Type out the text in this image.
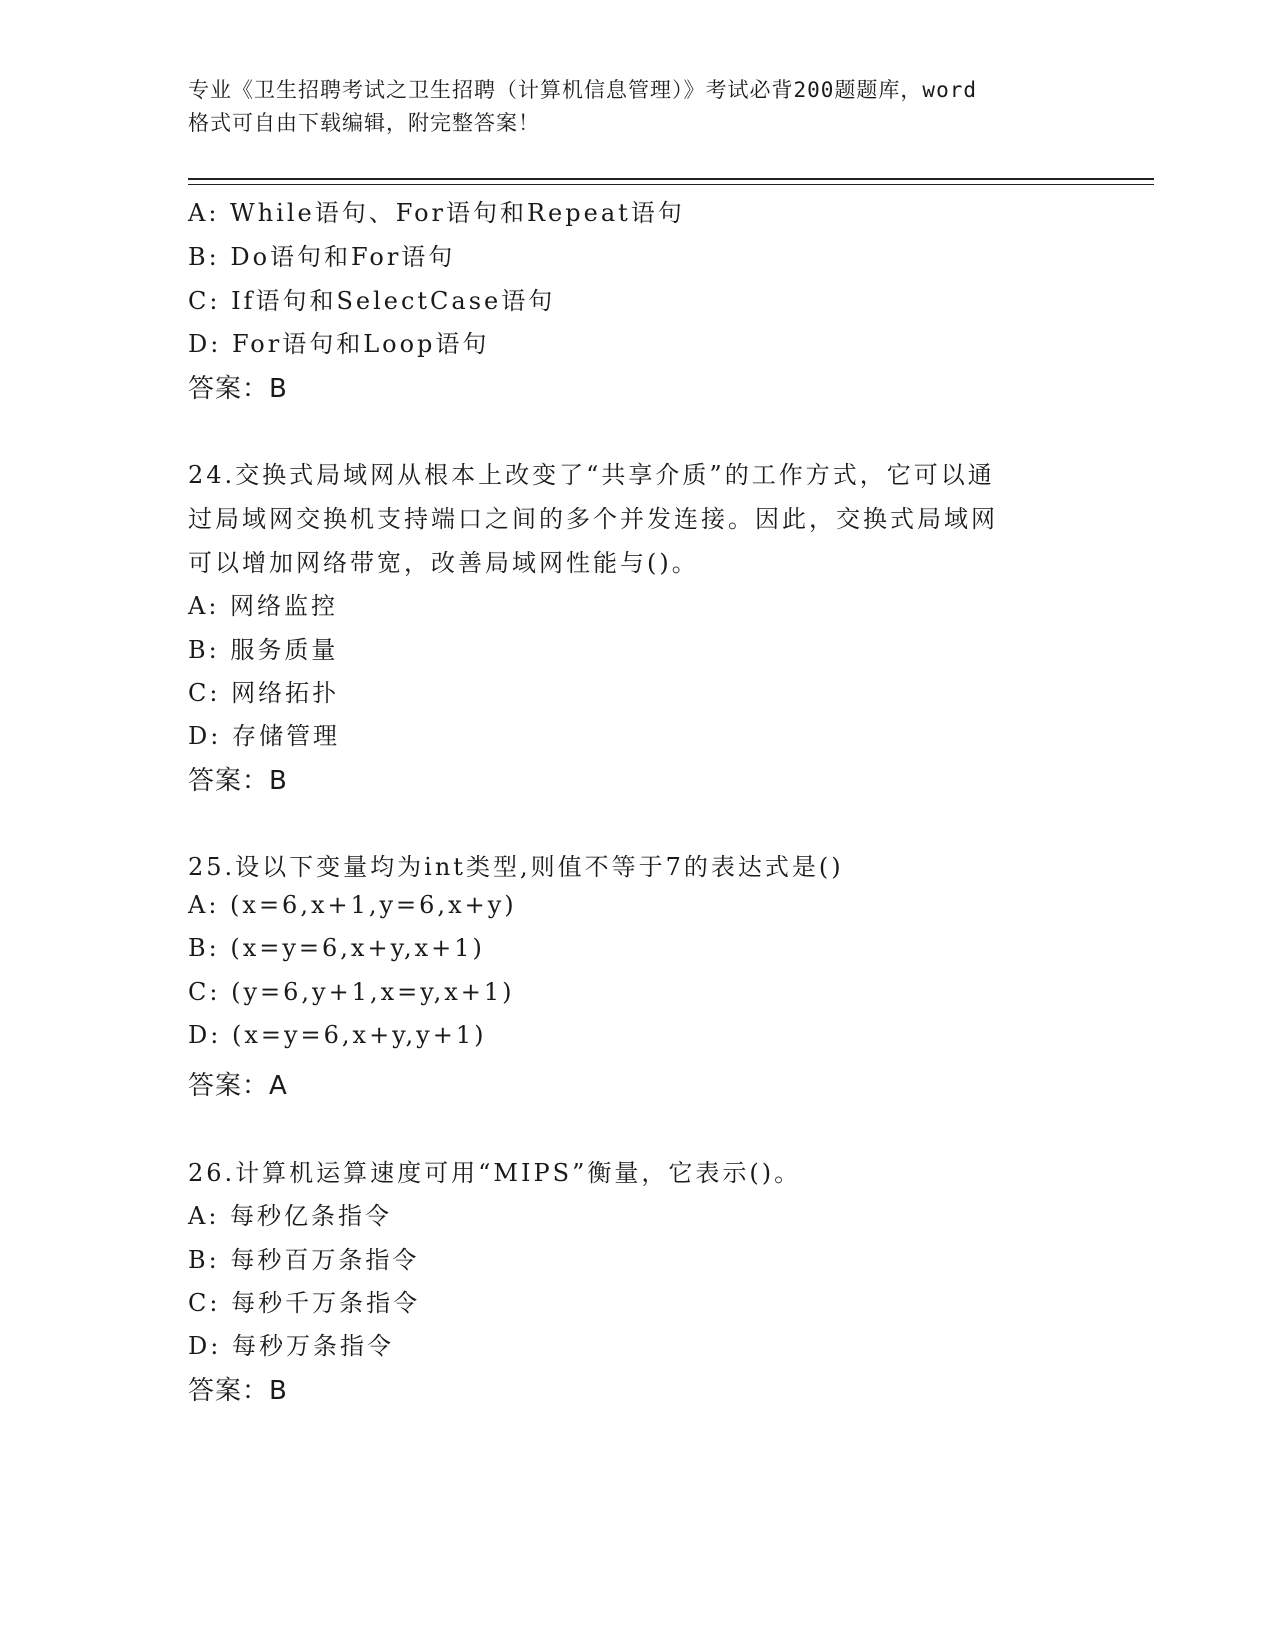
专业《卫生招聘考试之卫生招聘（计算机信息管理）》考试必背200题题库，word
格式可自由下载编辑，附完整答案！
A: While语句、For语句和Repeat语句
B: Do语句和For语句
C: If语句和SelectCase语句
D: For语句和Loop语句
答案：B
24.交换式局域网从根本上改变了“共享介质”的工作方式，它可以通
过局域网交换机支持端口之间的多个并发连接。因此，交换式局域网
可以增加网络带宽，改善局域网性能与()。
A: 网络监控
B: 服务质量
C: 网络拓扑
D: 存储管理
答案：B
25.设以下变量均为int类型,则值不等于7的表达式是()
A: (x=6,x+1,y=6,x+y)
B: (x=y=6,x+y,x+1)
C: (y=6,y+1,x=y,x+1)
D: (x=y=6,x+y,y+1)
答案：A
26.计算机运算速度可用“MIPS”衡量，它表示()。
A: 每秒亿条指令
B: 每秒百万条指令
C: 每秒千万条指令
D: 每秒万条指令
答案：B
